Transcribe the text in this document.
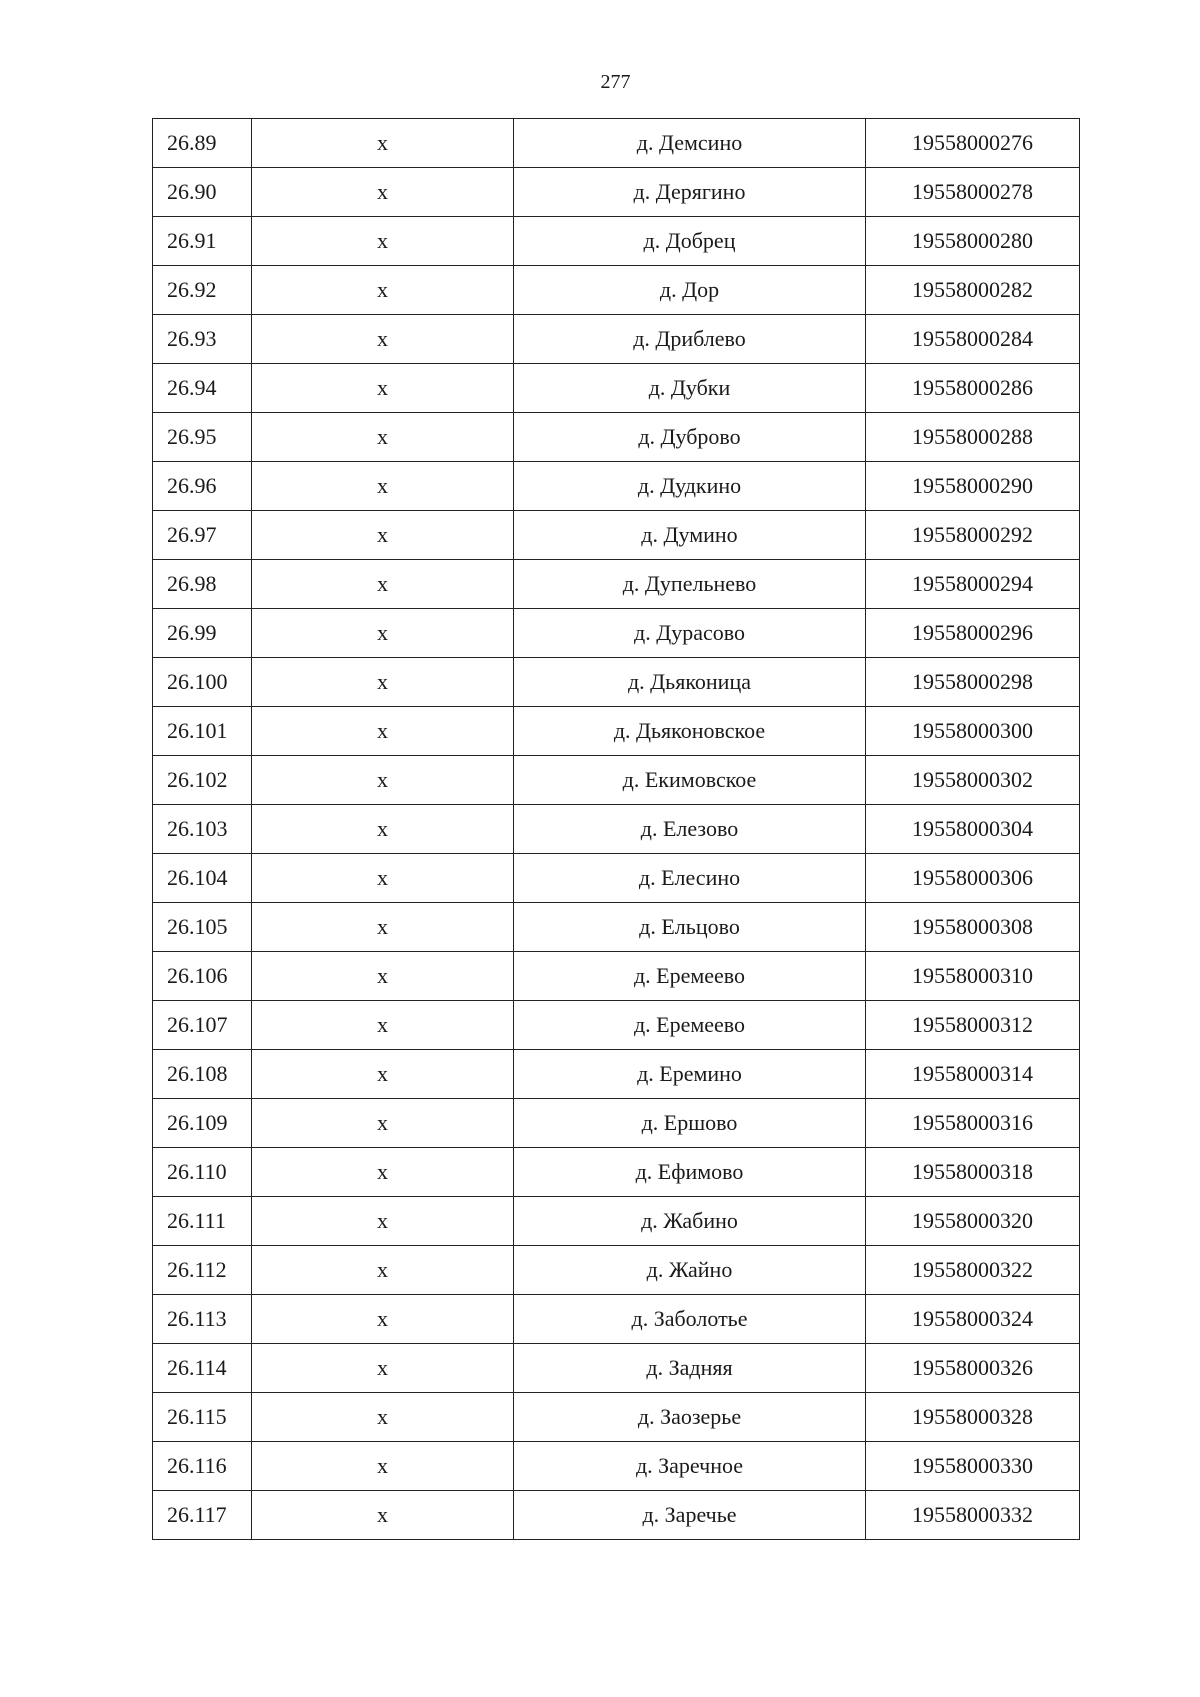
277
26.89	x	д. Демсино	19558000276
26.90	x	д. Дерягино	19558000278
26.91	x	д. Добрец	19558000280
26.92	x	д. Дор	19558000282
26.93	x	д. Дриблево	19558000284
26.94	x	д. Дубки	19558000286
26.95	x	д. Дуброво	19558000288
26.96	x	д. Дудкино	19558000290
26.97	x	д. Думино	19558000292
26.98	x	д. Дупельнево	19558000294
26.99	x	д. Дурасово	19558000296
26.100	x	д. Дьяконица	19558000298
26.101	x	д. Дьяконовское	19558000300
26.102	x	д. Екимовское	19558000302
26.103	x	д. Елезово	19558000304
26.104	x	д. Елесино	19558000306
26.105	x	д. Ельцово	19558000308
26.106	x	д. Еремеево	19558000310
26.107	x	д. Еремеево	19558000312
26.108	x	д. Еремино	19558000314
26.109	x	д. Ершово	19558000316
26.110	x	д. Ефимово	19558000318
26.111	x	д. Жабино	19558000320
26.112	x	д. Жайно	19558000322
26.113	x	д. Заболотье	19558000324
26.114	x	д. Задняя	19558000326
26.115	x	д. Заозерье	19558000328
26.116	x	д. Заречное	19558000330
26.117	x	д. Заречье	19558000332
